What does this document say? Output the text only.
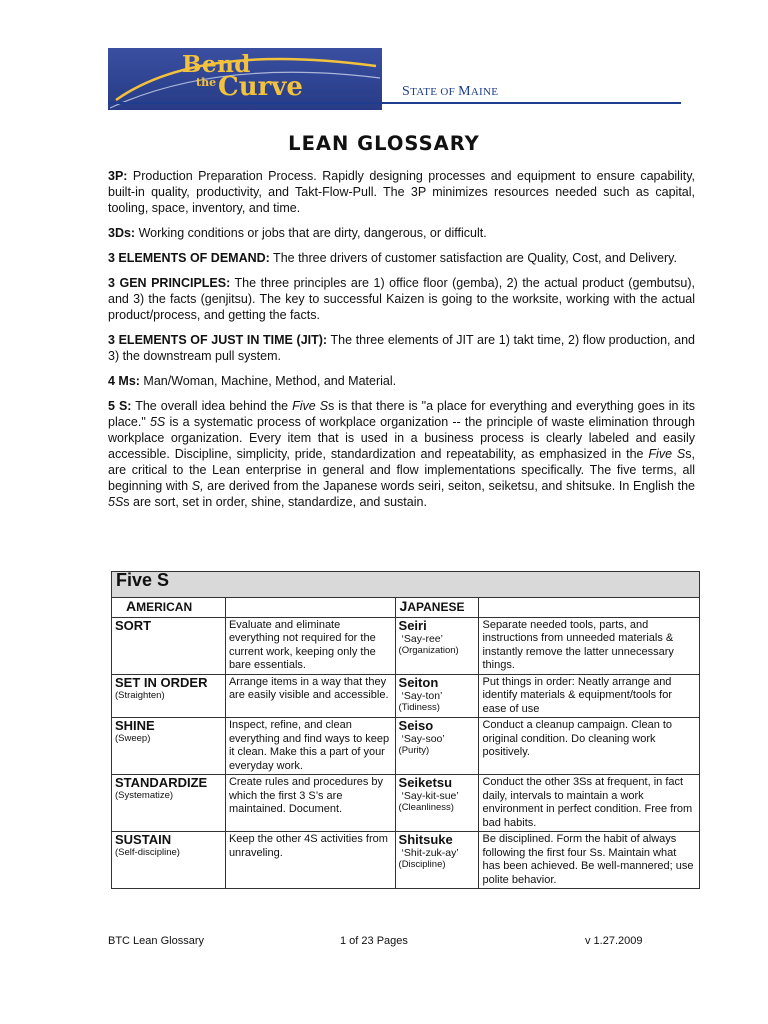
Bend
the Curve	STATE OF MAINE
LEAN GLOSSARY

3P: Production Preparation Process. Rapidly designing processes and equipment to ensure capability, built-in quality, productivity, and Takt-Flow-Pull. The 3P minimizes resources needed such as capital, tooling, space, inventory, and time.

3Ds: Working conditions or jobs that are dirty, dangerous, or difficult.

3 ELEMENTS OF DEMAND: The three drivers of customer satisfaction are Quality, Cost, and Delivery.

3 GEN PRINCIPLES: The three principles are 1) office floor (gemba), 2) the actual product (gembutsu), and 3) the facts (genjitsu). The key to successful Kaizen is going to the worksite, working with the actual product/process, and getting the facts.

3 ELEMENTS OF JUST IN TIME (JIT): The three elements of JIT are 1) takt time, 2) flow production, and 3) the downstream pull system.

4 Ms: Man/Woman, Machine, Method, and Material.

5 S: The overall idea behind the Five Ss is that there is "a place for everything and everything goes in its place." 5S is a systematic process of workplace organization -- the principle of waste elimination through workplace organization. Every item that is used in a business process is clearly labeled and easily accessible. Discipline, simplicity, pride, standardization and repeatability, as emphasized in the Five Ss, are critical to the Lean enterprise in general and flow implementations specifically. The five terms, all beginning with S, are derived from the Japanese words seiri, seiton, seiketsu, and shitsuke. In English the 5Ss are sort, set in order, shine, standardize, and sustain.

Five S			
AMERICAN		JAPANESE	

SORT	Evaluate and eliminate everything not required for the current work, keeping only the bare essentials.	Seiri
‘Say-ree’
(Organization)	Separate needed tools, parts, and instructions from unneeded materials & instantly remove the latter unnecessary things.

SET IN ORDER
(Straighten)	Arrange items in a way that they are easily visible and accessible.	Seiton
‘Say-ton’
(Tidiness)	Put things in order: Neatly arrange and identify materials & equipment/tools for ease of use

SHINE
(Sweep)	Inspect, refine, and clean everything and find ways to keep it clean. Make this a part of your everyday work.	Seiso
‘Say-soo’
(Purity)	Conduct a cleanup campaign. Clean to original condition. Do cleaning work positively.

STANDARDIZE
(Systematize)	Create rules and procedures by which the first 3 S’s are maintained. Document.	Seiketsu
‘Say-kit-sue’
(Cleanliness)	Conduct the other 3Ss at frequent, in fact daily, intervals to maintain a work environment in perfect condition. Free from bad habits.

SUSTAIN
(Self-discipline)	Keep the other 4S activities from unraveling.	Shitsuke
‘Shit-zuk-ay’
(Discipline)	Be disciplined. Form the habit of always following the first four Ss. Maintain what has been achieved. Be well-mannered; use polite behavior.
BTC Lean Glossary	1 of 23 Pages	v 1.27.2009
